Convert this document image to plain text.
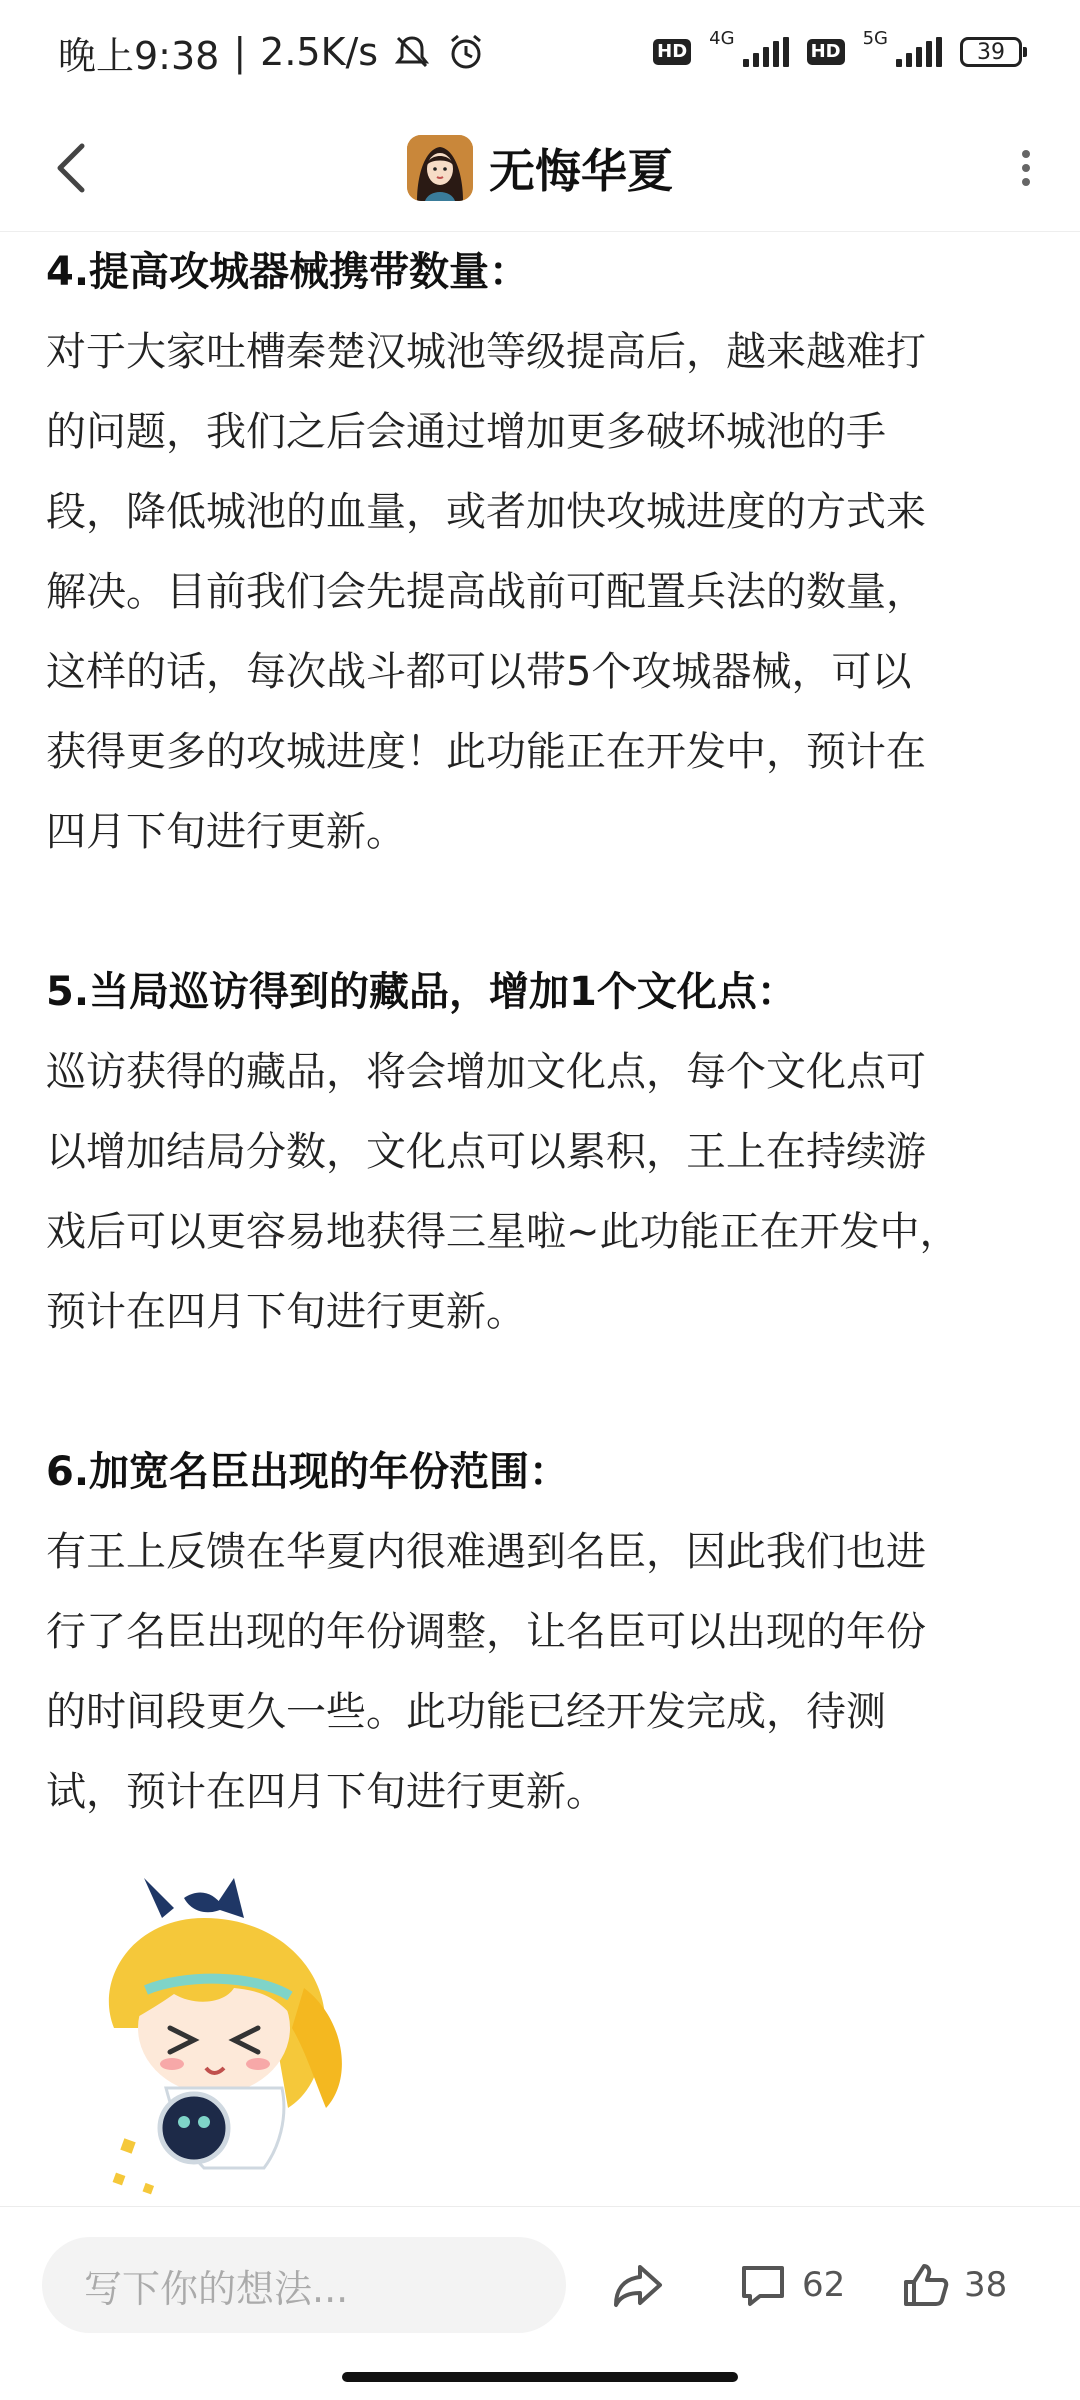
晚上9:38 | 2.5K/s	HD
4G
HD
5G
39
无悔华夏
4.提高攻城器械携带数量：
对于大家吐槽秦楚汉城池等级提高后，越来越难打
的问题，我们之后会通过增加更多破坏城池的手
段，降低城池的血量，或者加快攻城进度的方式来
解决。目前我们会先提高战前可配置兵法的数量，
这样的话，每次战斗都可以带5个攻城器械，可以
获得更多的攻城进度！此功能正在开发中，预计在
四月下旬进行更新。
5.当局巡访得到的藏品，增加1个文化点：
巡访获得的藏品，将会增加文化点，每个文化点可
以增加结局分数，文化点可以累积，王上在持续游
戏后可以更容易地获得三星啦~此功能正在开发中，
预计在四月下旬进行更新。
6.加宽名臣出现的年份范围：
有王上反馈在华夏内很难遇到名臣，因此我们也进
行了名臣出现的年份调整，让名臣可以出现的年份
的时间段更久一些。此功能已经开发完成，待测
试，预计在四月下旬进行更新。
写下你的想法...	62	38
